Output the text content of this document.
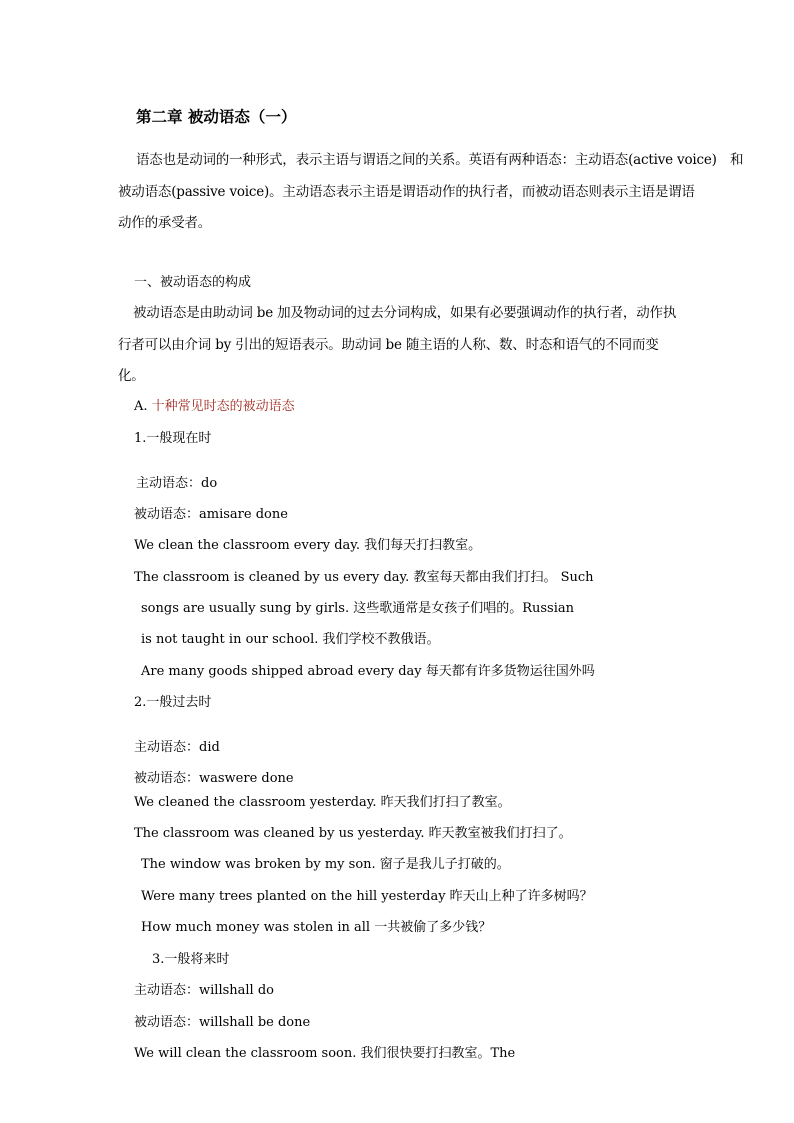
第二章 被动语态（一）
语态也是动词的一种形式，表示主语与谓语之间的关系。英语有两种语态：主动语态(active voice)　和
被动语态(passive voice)。主动语态表示主语是谓语动作的执行者，而被动语态则表示主语是谓语
动作的承受者。
一、被动语态的构成
被动语态是由助动词 be 加及物动词的过去分词构成，如果有必要强调动作的执行者，动作执
行者可以由介词 by 引出的短语表示。助动词 be 随主语的人称、数、时态和语气的不同而变
化。
A. 十种常见时态的被动语态
1.一般现在时
主动语态：do
被动语态：amisare done
We clean the classroom every day. 我们每天打扫教室。
The classroom is cleaned by us every day. 教室每天都由我们打扫。 Such
songs are usually sung by girls. 这些歌通常是女孩子们唱的。Russian
is not taught in our school. 我们学校不教俄语。
Are many goods shipped abroad every day 每天都有许多货物运往国外吗
2.一般过去时
主动语态：did
被动语态：waswere done
We cleaned the classroom yesterday. 昨天我们打扫了教室。
The classroom was cleaned by us yesterday. 昨天教室被我们打扫了。
The window was broken by my son. 窗子是我儿子打破的。
Were many trees planted on the hill yesterday 昨天山上种了许多树吗？
How much money was stolen in all 一共被偷了多少钱？
3.一般将来时
主动语态：willshall do
被动语态：willshall be done
We will clean the classroom soon. 我们很快要打扫教室。The
